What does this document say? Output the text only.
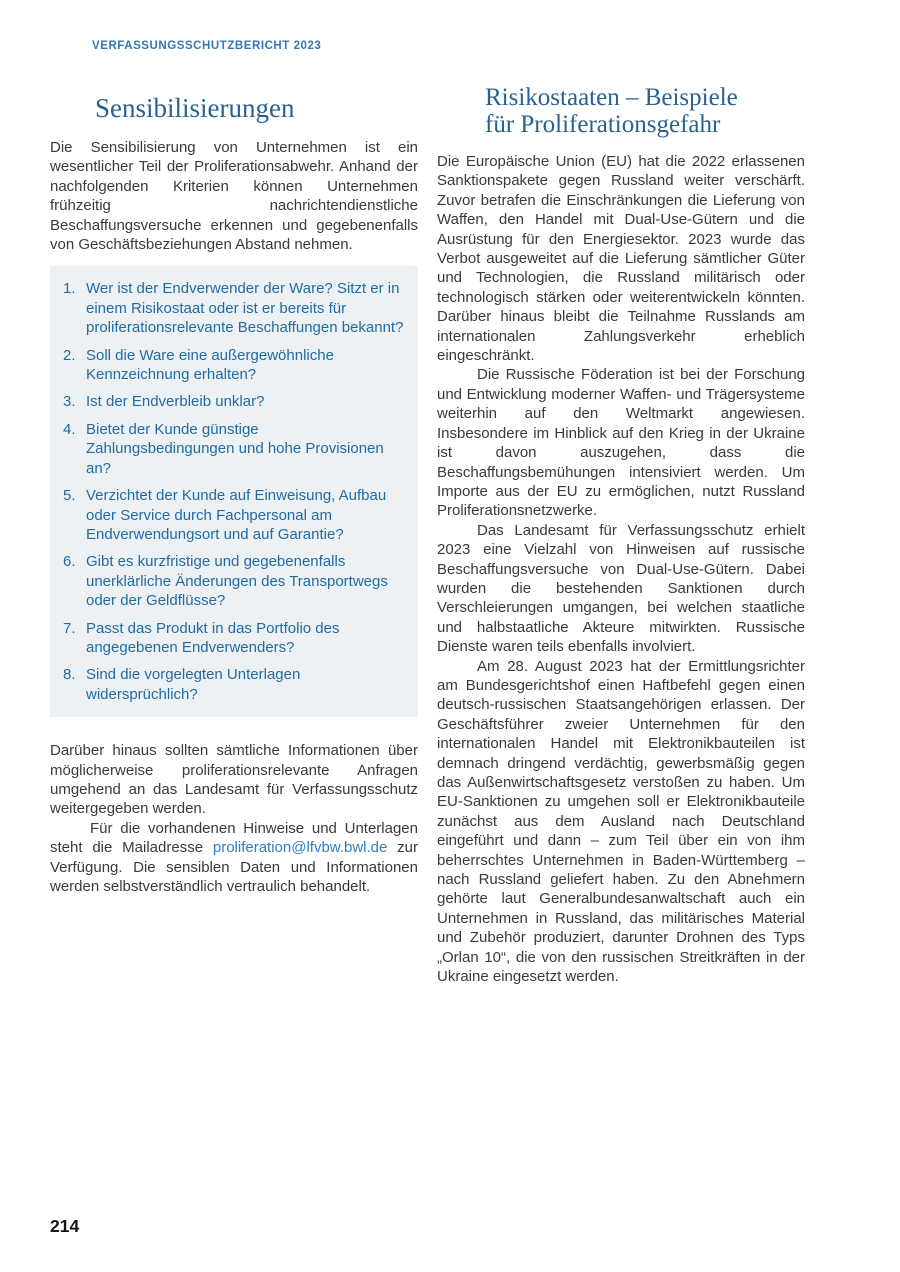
VERFASSUNGSSCHUTZBERICHT 2023
Sensibilisierungen

Die Sensibilisierung von Unternehmen ist ein wesentlicher Teil der Proliferationsabwehr. Anhand der nachfolgenden Kriterien können Unternehmen frühzeitig nachrichtendienstliche Beschaffungsversuche erkennen und gegebenenfalls von Geschäftsbeziehungen Abstand nehmen.

1. Wer ist der Endverwender der Ware? Sitzt er in einem Risikostaat oder ist er bereits für proliferationsrelevante Beschaffungen bekannt?
2. Soll die Ware eine außergewöhnliche Kennzeichnung erhalten?
3. Ist der Endverbleib unklar?
4. Bietet der Kunde günstige Zahlungsbedingungen und hohe Provisionen an?
5. Verzichtet der Kunde auf Einweisung, Aufbau oder Service durch Fachpersonal am Endverwendungsort und auf Garantie?
6. Gibt es kurzfristige und gegebenenfalls unerklärliche Änderungen des Transportwegs oder der Geldflüsse?
7. Passt das Produkt in das Portfolio des angegebenen Endverwenders?
8. Sind die vorgelegten Unterlagen widersprüchlich?

Darüber hinaus sollten sämtliche Informationen über möglicherweise proliferationsrelevante Anfragen umgehend an das Landesamt für Verfassungsschutz weitergegeben werden.

Für die vorhandenen Hinweise und Unterlagen steht die Mailadresse proliferation@lfvbw.bwl.de zur Verfügung. Die sensiblen Daten und Informationen werden selbstverständlich vertraulich behandelt.

Risikostaaten – Beispiele
für Proliferationsgefahr

Die Europäische Union (EU) hat die 2022 erlassenen Sanktionspakete gegen Russland weiter verschärft. Zuvor betrafen die Einschränkungen die Lieferung von Waffen, den Handel mit Dual-Use-Gütern und die Ausrüstung für den Energiesektor. 2023 wurde das Verbot ausgeweitet auf die Lieferung sämtlicher Güter und Technologien, die Russland militärisch oder technologisch stärken oder weiterentwickeln könnten. Darüber hinaus bleibt die Teilnahme Russlands am internationalen Zahlungsverkehr erheblich eingeschränkt.

Die Russische Föderation ist bei der Forschung und Entwicklung moderner Waffen- und Trägersysteme weiterhin auf den Weltmarkt angewiesen. Insbesondere im Hinblick auf den Krieg in der Ukraine ist davon auszugehen, dass die Beschaffungsbemühungen intensiviert werden. Um Importe aus der EU zu ermöglichen, nutzt Russland Proliferationsnetzwerke.

Das Landesamt für Verfassungsschutz erhielt 2023 eine Vielzahl von Hinweisen auf russische Beschaffungsversuche von Dual-Use-Gütern. Dabei wurden die bestehenden Sanktionen durch Verschleierungen umgangen, bei welchen staatliche und halbstaatliche Akteure mitwirkten. Russische Dienste waren teils ebenfalls involviert.

Am 28. August 2023 hat der Ermittlungsrichter am Bundesgerichtshof einen Haftbefehl gegen einen deutsch-russischen Staatsangehörigen erlassen. Der Geschäftsführer zweier Unternehmen für den internationalen Handel mit Elektronikbauteilen ist demnach dringend verdächtig, gewerbsmäßig gegen das Außenwirtschaftsgesetz verstoßen zu haben. Um EU-Sanktionen zu umgehen soll er Elektronikbauteile zunächst aus dem Ausland nach Deutschland eingeführt und dann – zum Teil über ein von ihm beherrschtes Unternehmen in Baden-Württemberg – nach Russland geliefert haben. Zu den Abnehmern gehörte laut Generalbundesanwaltschaft auch ein Unternehmen in Russland, das militärisches Material und Zubehör produziert, darunter Drohnen des Typs „Orlan 10“, die von den russischen Streitkräften in der Ukraine eingesetzt werden.

214
